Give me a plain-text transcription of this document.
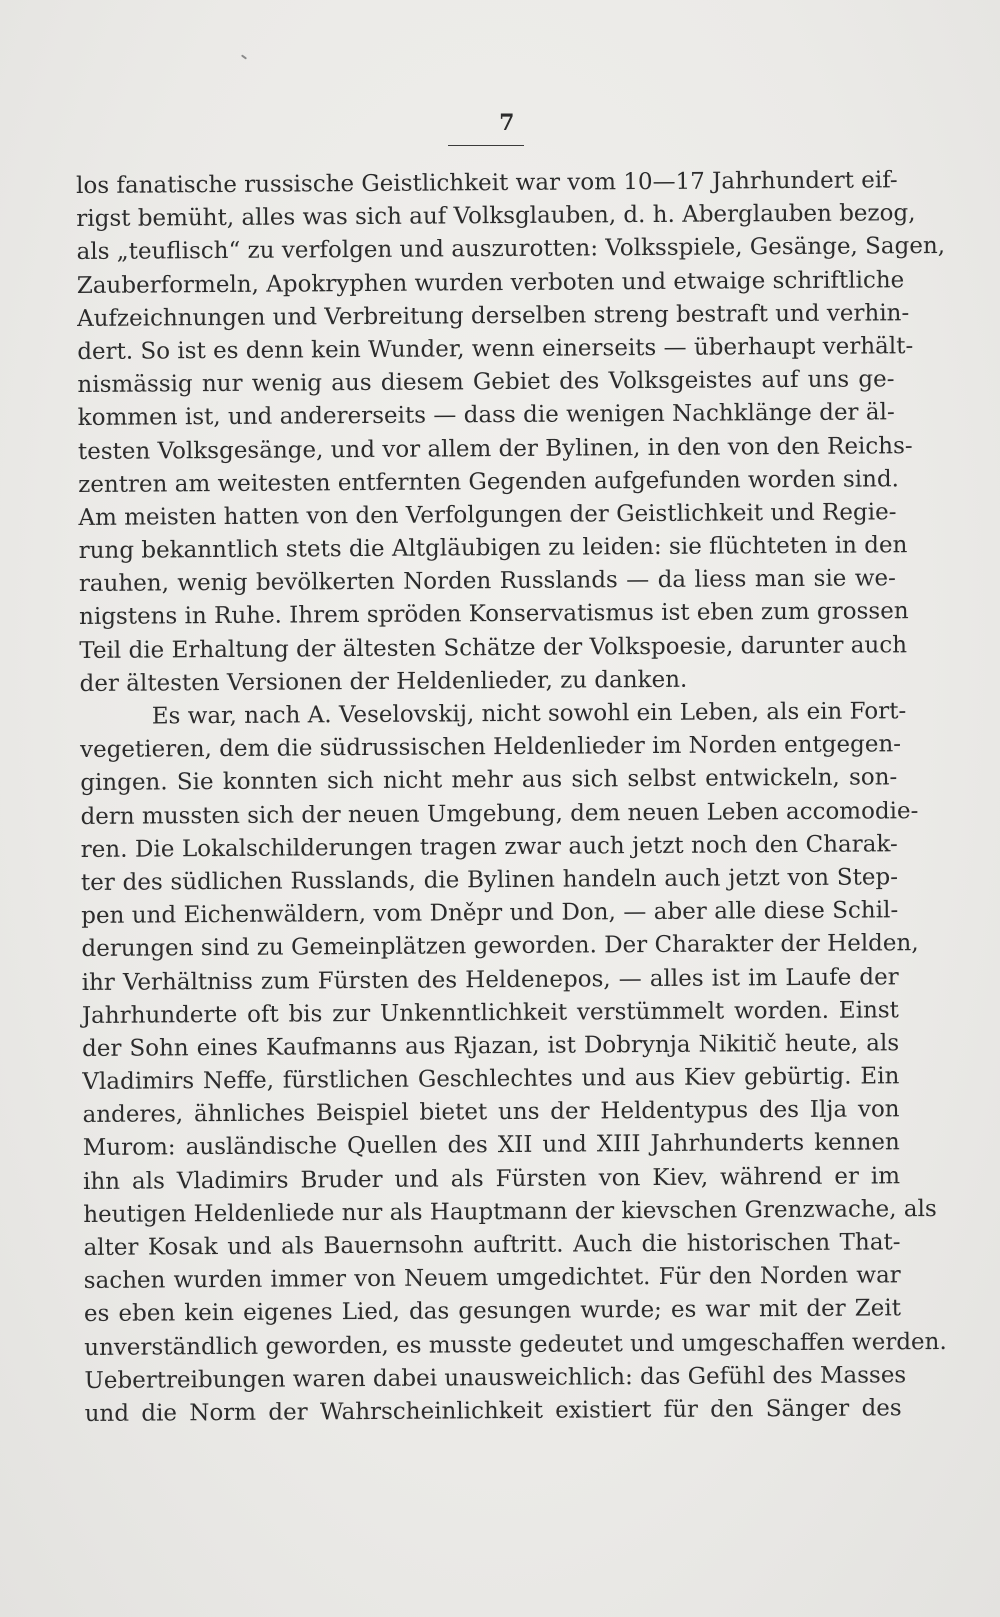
7
los fanatische russische Geistlichkeit war vom 10—17 Jahrhundert eif-
rigst bemüht, alles was sich auf Volksglauben, d. h. Aberglauben bezog,
als „teuflisch“ zu verfolgen und auszurotten: Volksspiele, Gesänge, Sagen,
Zauberformeln, Apokryphen wurden verboten und etwaige schriftliche
Aufzeichnungen und Verbreitung derselben streng bestraft und verhin-
dert. So ist es denn kein Wunder, wenn einerseits — überhaupt verhält-
nismässig nur wenig aus diesem Gebiet des Volksgeistes auf uns ge-
kommen ist, und andererseits — dass die wenigen Nachklänge der äl-
testen Volksgesänge, und vor allem der Bylinen, in den von den Reichs-
zentren am weitesten entfernten Gegenden aufgefunden worden sind.
Am meisten hatten von den Verfolgungen der Geistlichkeit und Regie-
rung bekanntlich stets die Altgläubigen zu leiden: sie flüchteten in den
rauhen, wenig bevölkerten Norden Russlands — da liess man sie we-
nigstens in Ruhe. Ihrem spröden Konservatismus ist eben zum grossen
Teil die Erhaltung der ältesten Schätze der Volkspoesie, darunter auch
der ältesten Versionen der Heldenlieder, zu danken.
Es war, nach A. Veselovskij, nicht sowohl ein Leben, als ein Fort-
vegetieren, dem die südrussischen Heldenlieder im Norden entgegen-
gingen. Sie konnten sich nicht mehr aus sich selbst entwickeln, son-
dern mussten sich der neuen Umgebung, dem neuen Leben accomodie-
ren. Die Lokalschilderungen tragen zwar auch jetzt noch den Charak-
ter des südlichen Russlands, die Bylinen handeln auch jetzt von Step-
pen und Eichenwäldern, vom Dněpr und Don, — aber alle diese Schil-
derungen sind zu Gemeinplätzen geworden. Der Charakter der Helden,
ihr Verhältniss zum Fürsten des Heldenepos, — alles ist im Laufe der
Jahrhunderte oft bis zur Unkenntlichkeit verstümmelt worden. Einst
der Sohn eines Kaufmanns aus Rjazan, ist Dobrynja Nikitič heute, als
Vladimirs Neffe, fürstlichen Geschlechtes und aus Kiev gebürtig. Ein
anderes, ähnliches Beispiel bietet uns der Heldentypus des Ilja von
Murom: ausländische Quellen des XII und XIII Jahrhunderts kennen
ihn als Vladimirs Bruder und als Fürsten von Kiev, während er im
heutigen Heldenliede nur als Hauptmann der kievschen Grenzwache, als
alter Kosak und als Bauernsohn auftritt. Auch die historischen That-
sachen wurden immer von Neuem umgedichtet. Für den Norden war
es eben kein eigenes Lied, das gesungen wurde; es war mit der Zeit
unverständlich geworden, es musste gedeutet und umgeschaffen werden.
Uebertreibungen waren dabei unausweichlich: das Gefühl des Masses
und die Norm der Wahrscheinlichkeit existiert für den Sänger des
